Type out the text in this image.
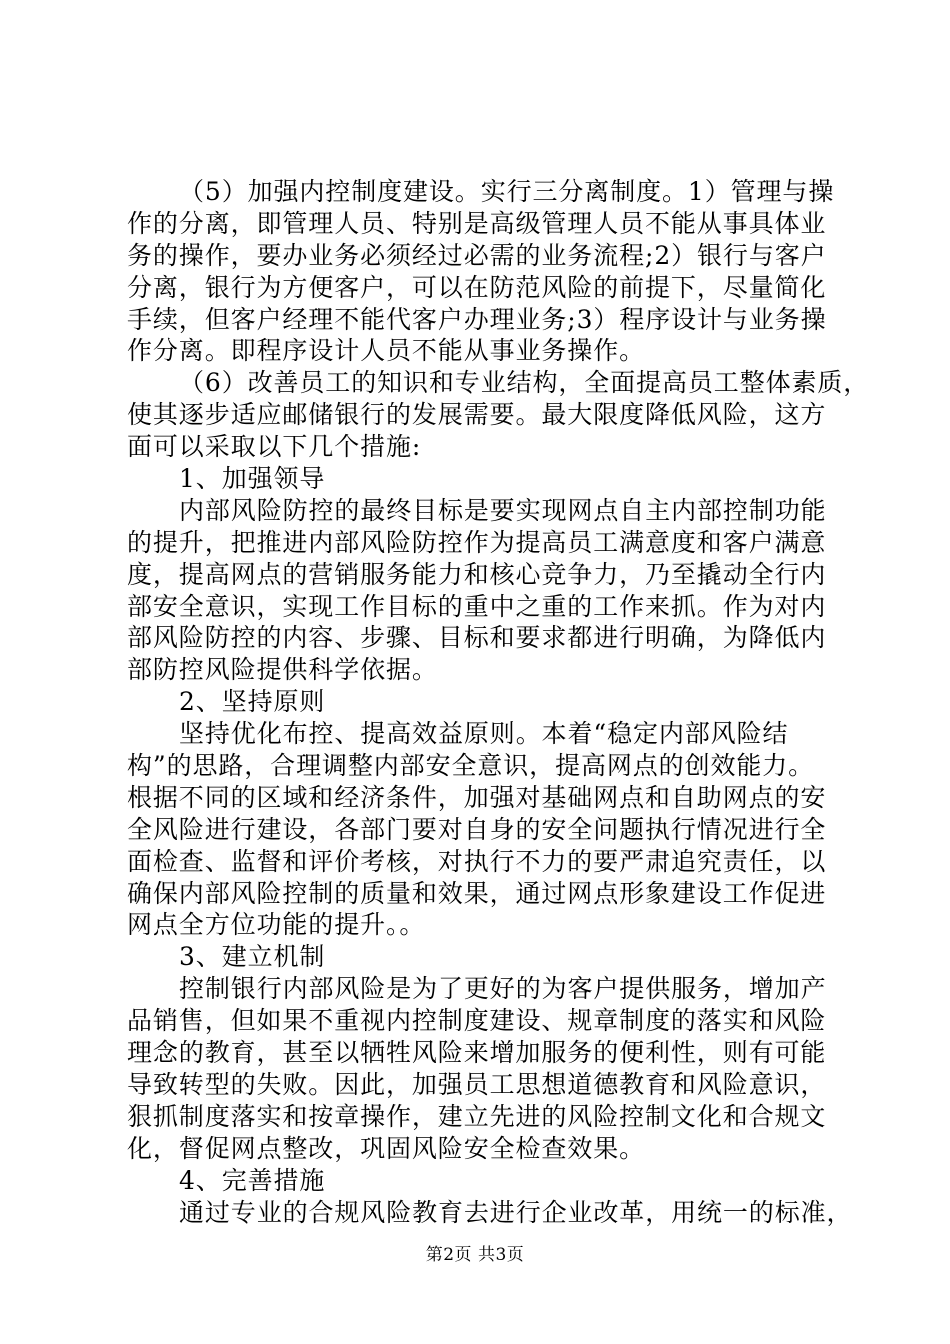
（5）加强内控制度建设。实行三分离制度。1）管理与操
作的分离，即管理人员、特别是高级管理人员不能从事具体业
务的操作，要办业务必须经过必需的业务流程;2）银行与客户
分离，银行为方便客户，可以在防范风险的前提下，尽量简化
手续，但客户经理不能代客户办理业务;3）程序设计与业务操
作分离。即程序设计人员不能从事业务操作。
（6）改善员工的知识和专业结构，全面提高员工整体素质，
使其逐步适应邮储银行的发展需要。最大限度降低风险，这方
面可以采取以下几个措施:
1、加强领导
内部风险防控的最终目标是要实现网点自主内部控制功能
的提升，把推进内部风险防控作为提高员工满意度和客户满意
度，提高网点的营销服务能力和核心竞争力，乃至撬动全行内
部安全意识，实现工作目标的重中之重的工作来抓。作为对内
部风险防控的内容、步骤、目标和要求都进行明确，为降低内
部防控风险提供科学依据。
2、坚持原则
坚持优化布控、提高效益原则。本着“稳定内部风险结
构”的思路，合理调整内部安全意识，提高网点的创效能力。
根据不同的区域和经济条件，加强对基础网点和自助网点的安
全风险进行建设，各部门要对自身的安全问题执行情况进行全
面检查、监督和评价考核，对执行不力的要严肃追究责任，以
确保内部风险控制的质量和效果，通过网点形象建设工作促进
网点全方位功能的提升。。
3、建立机制
控制银行内部风险是为了更好的为客户提供服务，增加产
品销售，但如果不重视内控制度建设、规章制度的落实和风险
理念的教育，甚至以牺牲风险来增加服务的便利性，则有可能
导致转型的失败。因此，加强员工思想道德教育和风险意识，
狠抓制度落实和按章操作，建立先进的风险控制文化和合规文
化，督促网点整改，巩固风险安全检查效果。
4、完善措施
通过专业的合规风险教育去进行企业改革，用统一的标准，
第2页 共3页
